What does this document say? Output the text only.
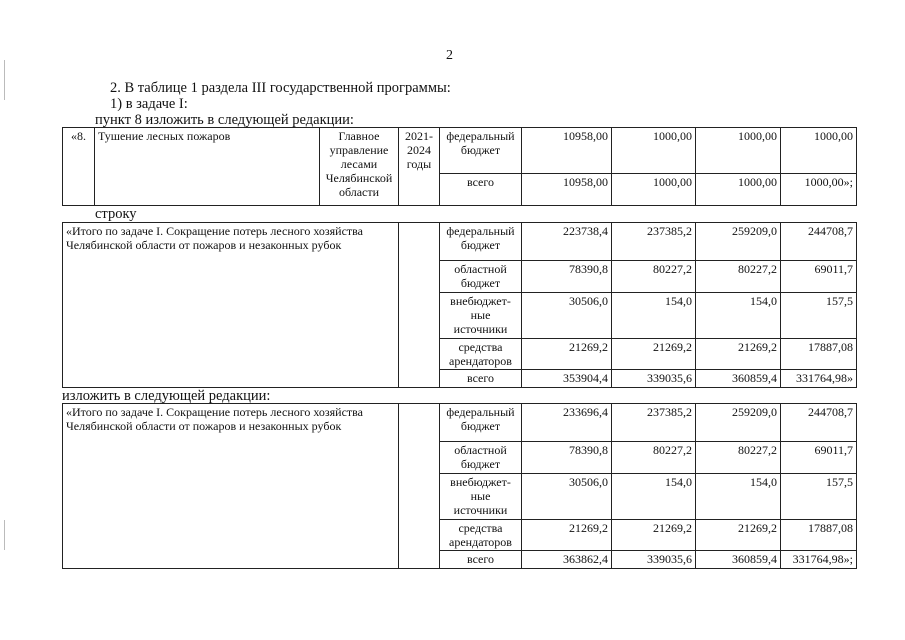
2
2. В таблице 1 раздела III государственной программы:
1) в задаче I:
пункт 8 изложить в следующей редакции:
«8.	Тушение лесных пожаров	Главное
управление
лесами
Челябинской
области	2021-
2024
годы	федеральный
бюджет	10958,00	1000,00	1000,00	1000,00
				всего	10958,00	1000,00	1000,00	1000,00»;
строку
«Итого по задаче I. Сокращение потерь лесного хозяйства
Челябинской области от пожаров и незаконных рубок		федеральный
бюджет	223738,4	237385,2	259209,0	244708,7
		областной
бюджет	78390,8	80227,2	80227,2	69011,7
		внебюджет-
ные
источники	30506,0	154,0	154,0	157,5
		средства
арендаторов	21269,2	21269,2	21269,2	17887,08
		всего	353904,4	339035,6	360859,4	331764,98»
изложить в следующей редакции:
«Итого по задаче I. Сокращение потерь лесного хозяйства
Челябинской области от пожаров и незаконных рубок		федеральный
бюджет	233696,4	237385,2	259209,0	244708,7
		областной
бюджет	78390,8	80227,2	80227,2	69011,7
		внебюджет-
ные
источники	30506,0	154,0	154,0	157,5
		средства
арендаторов	21269,2	21269,2	21269,2	17887,08
		всего	363862,4	339035,6	360859,4	331764,98»;
